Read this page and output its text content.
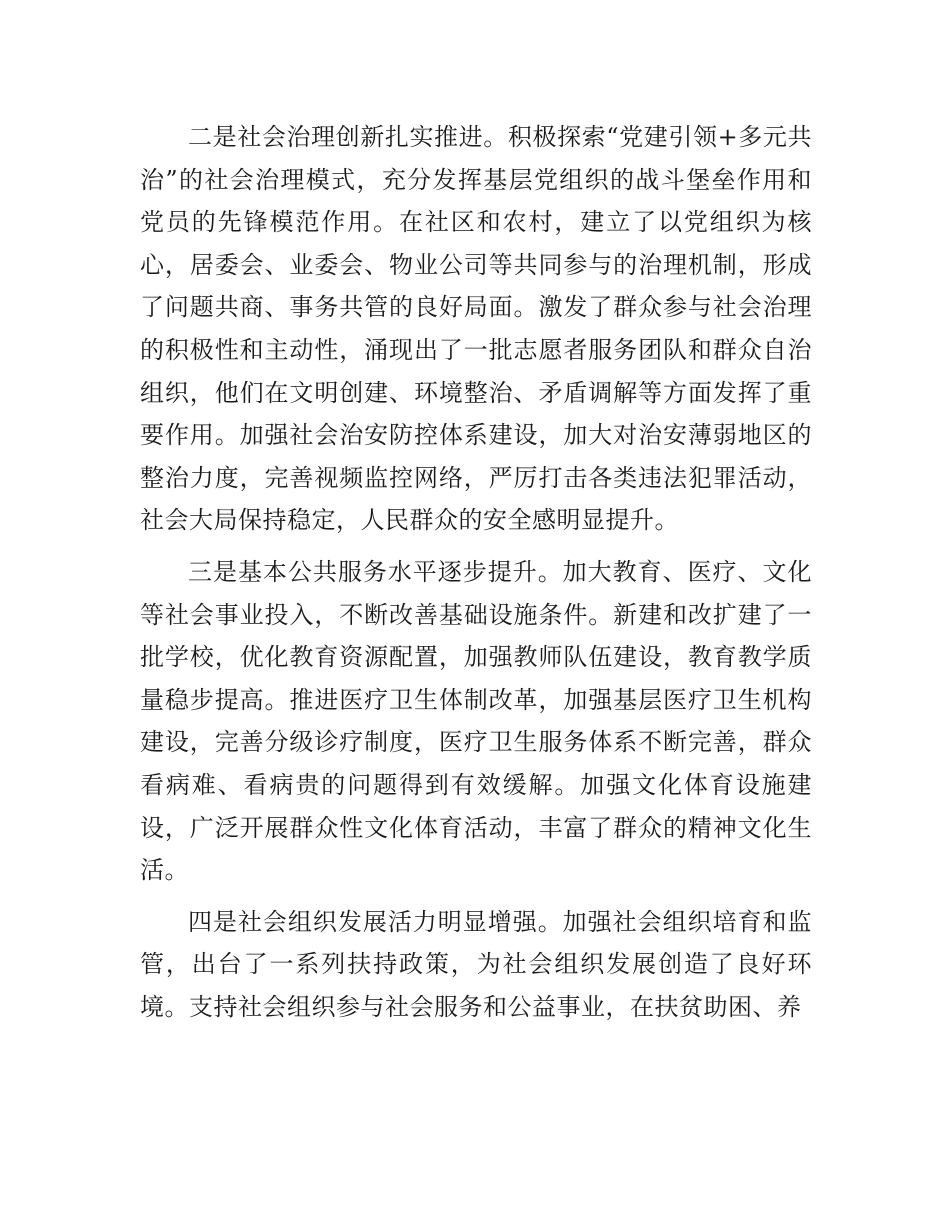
二是社会治理创新扎实推进。积极探索“党建引领+多元共治”的社会治理模式，充分发挥基层党组织的战斗堡垒作用和党员的先锋模范作用。在社区和农村，建立了以党组织为核心，居委会、业委会、物业公司等共同参与的治理机制，形成了问题共商、事务共管的良好局面。激发了群众参与社会治理的积极性和主动性，涌现出了一批志愿者服务团队和群众自治组织，他们在文明创建、环境整治、矛盾调解等方面发挥了重要作用。加强社会治安防控体系建设，加大对治安薄弱地区的整治力度，完善视频监控网络，严厉打击各类违法犯罪活动，社会大局保持稳定，人民群众的安全感明显提升。

三是基本公共服务水平逐步提升。加大教育、医疗、文化等社会事业投入，不断改善基础设施条件。新建和改扩建了一批学校，优化教育资源配置，加强教师队伍建设，教育教学质量稳步提高。推进医疗卫生体制改革，加强基层医疗卫生机构建设，完善分级诊疗制度，医疗卫生服务体系不断完善，群众看病难、看病贵的问题得到有效缓解。加强文化体育设施建设，广泛开展群众性文化体育活动，丰富了群众的精神文化生活。

四是社会组织发展活力明显增强。加强社会组织培育和监管，出台了一系列扶持政策，为社会组织发展创造了良好环境。支持社会组织参与社会服务和公益事业，在扶贫助困、养
